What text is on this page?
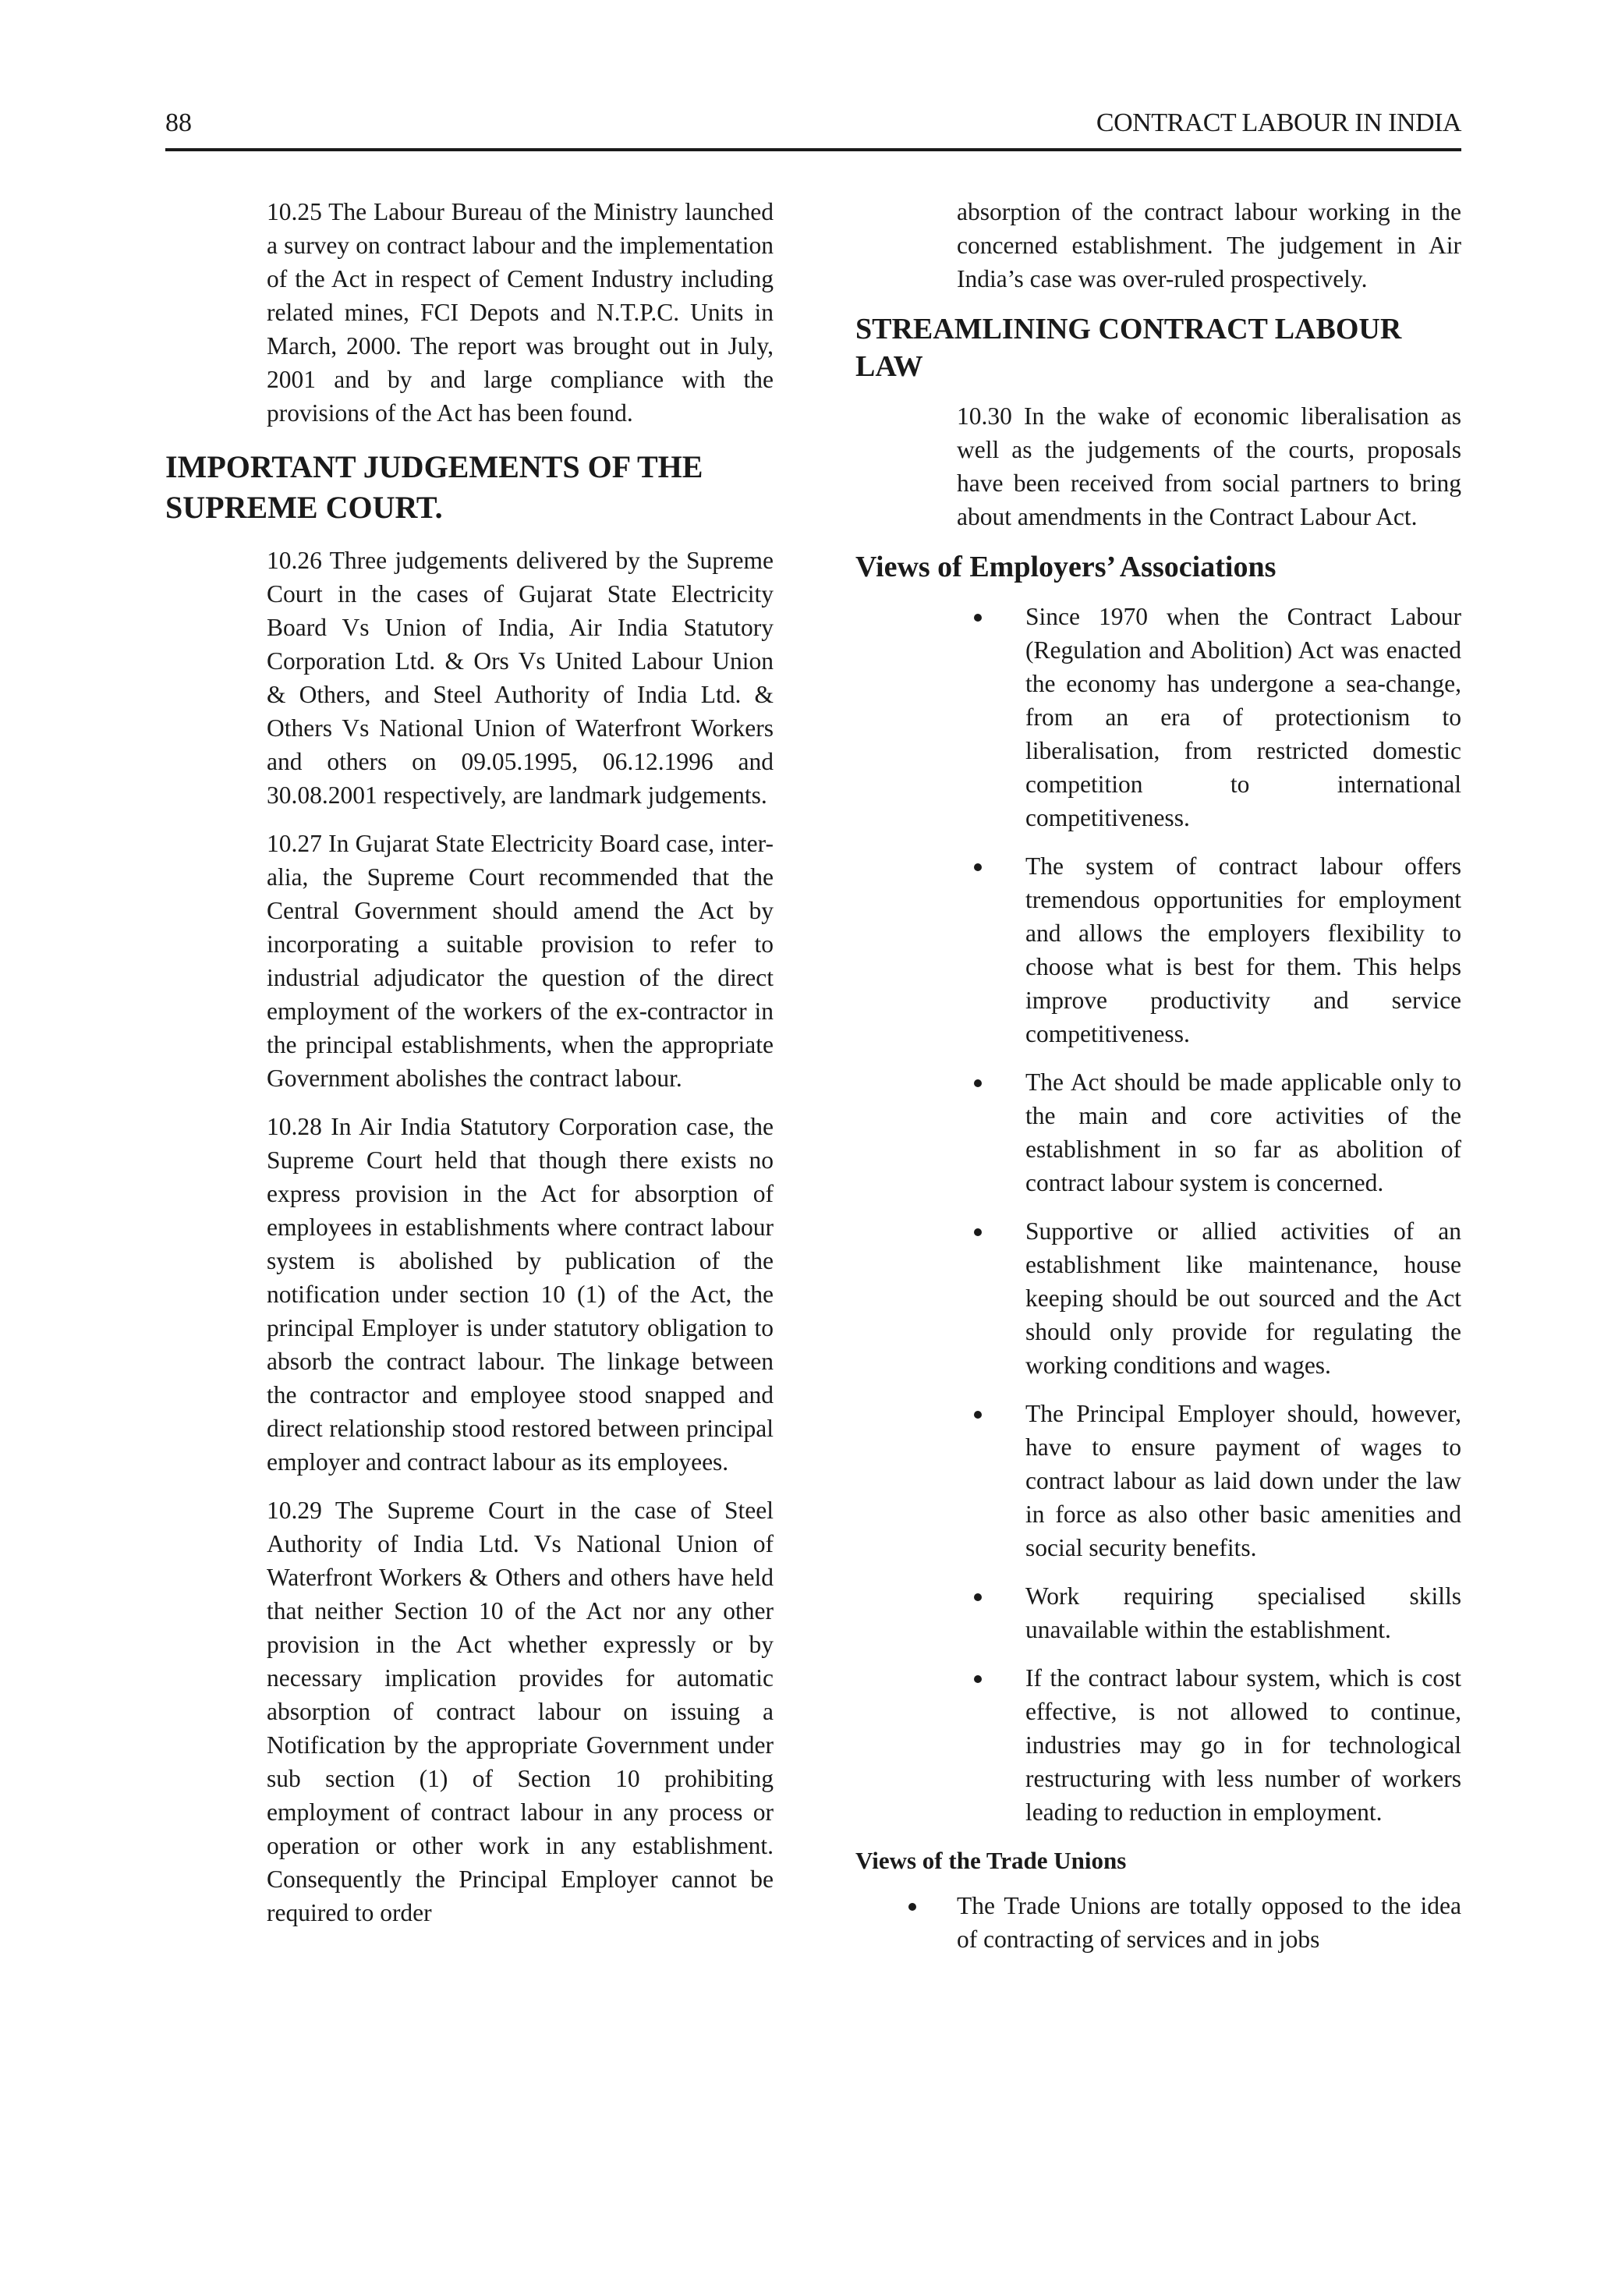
88	CONTRACT LABOUR IN INDIA

10.25 The Labour Bureau of the Ministry launched a survey on contract labour and the implementation of the Act in respect of Cement Industry including related mines, FCI Depots and N.T.P.C. Units in March, 2000. The report was brought out in July, 2001 and by and large compliance with the provisions of the Act has been found.

IMPORTANT JUDGEMENTS OF THE SUPREME COURT.

10.26 Three judgements delivered by the Supreme Court in the cases of Gujarat State Electricity Board Vs Union of India, Air India Statutory Corporation Ltd. & Ors Vs United Labour Union & Others, and Steel Authority of India Ltd. & Others Vs National Union of Waterfront Workers and others on 09.05.1995, 06.12.1996 and 30.08.2001 respectively, are landmark judgements.

10.27 In Gujarat State Electricity Board case, inter-alia, the Supreme Court recommended that the Central Government should amend the Act by incorporating a suitable provision to refer to industrial adjudicator the question of the direct employment of the workers of the ex-contractor in the principal establishments, when the appropriate Government abolishes the contract labour.

10.28 In Air India Statutory Corporation case, the Supreme Court held that though there exists no express provision in the Act for absorption of employees in establishments where contract labour system is abolished by publication of the notification under section 10 (1) of the Act, the principal Employer is under statutory obligation to absorb the contract labour. The linkage between the contractor and employee stood snapped and direct relationship stood restored between principal employer and contract labour as its employees.

10.29 The Supreme Court in the case of Steel Authority of India Ltd. Vs National Union of Waterfront Workers & Others and others have held that neither Section 10 of the Act nor any other provision in the Act whether expressly or by necessary implication provides for automatic absorption of contract labour on issuing a Notification by the appropriate Government under sub section (1) of Section 10 prohibiting employment of contract labour in any process or operation or other work in any establishment. Consequently the Principal Employer cannot be required to order

absorption of the contract labour working in the concerned establishment. The judgement in Air India’s case was over-ruled prospectively.

STREAMLINING CONTRACT LABOUR LAW

10.30 In the wake of economic liberalisation as well as the judgements of the courts, proposals have been received from social partners to bring about amendments in the Contract Labour Act.

Views of Employers’ Associations
Since 1970 when the Contract Labour (Regulation and Abolition) Act was enacted the economy has undergone a sea-change, from an era of protectionism to liberalisation, from restricted domestic competition to international competitiveness.
The system of contract labour offers tremendous opportunities for employment and allows the employers flexibility to choose what is best for them. This helps improve productivity and service competitiveness.
The Act should be made applicable only to the main and core activities of the establishment in so far as abolition of contract labour system is concerned.
Supportive or allied activities of an establishment like maintenance, house keeping should be out sourced and the Act should only provide for regulating the working conditions and wages.
The Principal Employer should, however, have to ensure payment of wages to contract labour as laid down under the law in force as also other basic amenities and social security benefits.
Work requiring specialised skills unavailable within the establishment.
If the contract labour system, which is cost effective, is not allowed to continue, industries may go in for technological restructuring with less number of workers leading to reduction in employment.
Views of the Trade Unions
The Trade Unions are totally opposed to the idea of contracting of services and in jobs
